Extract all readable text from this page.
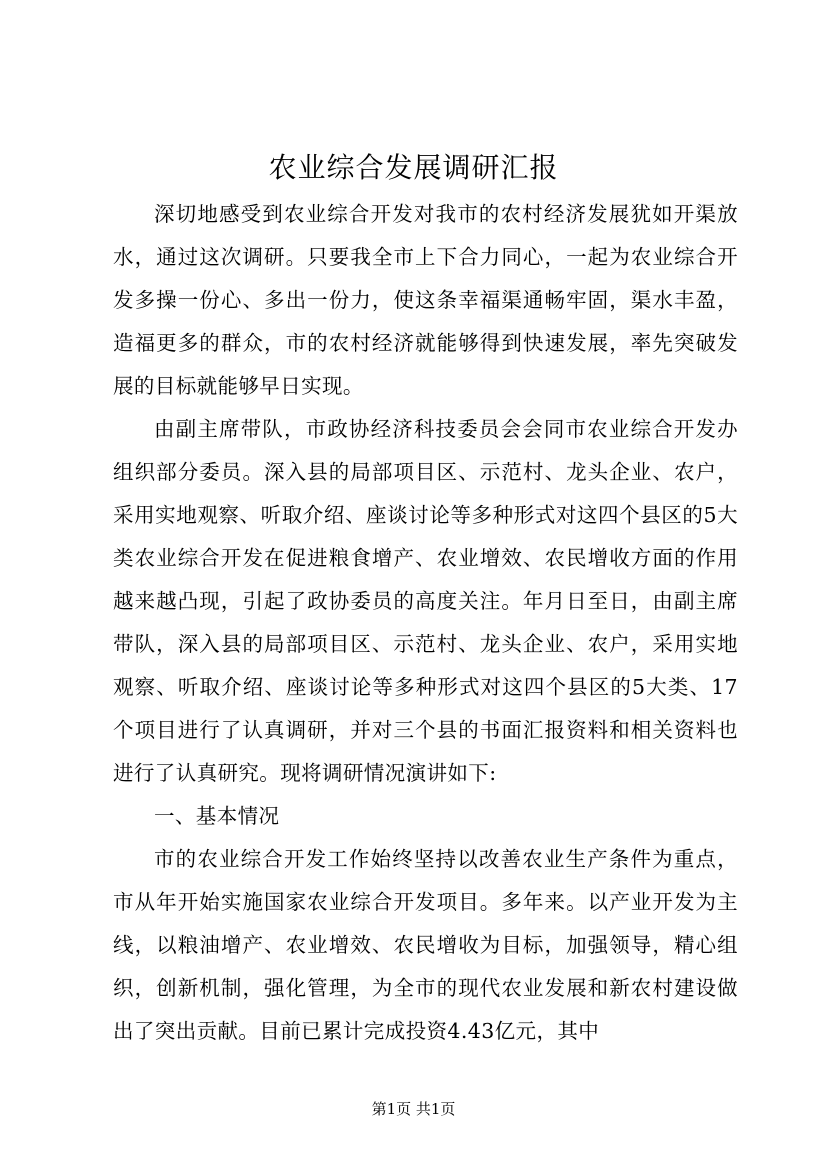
农业综合发展调研汇报

深切地感受到农业综合开发对我市的农村经济发展犹如开渠放水，通过这次调研。只要我全市上下合力同心，一起为农业综合开发多操一份心、多出一份力，使这条幸福渠通畅牢固，渠水丰盈，造福更多的群众，市的农村经济就能够得到快速发展，率先突破发展的目标就能够早日实现。

由副主席带队，市政协经济科技委员会会同市农业综合开发办组织部分委员。深入县的局部项目区、示范村、龙头企业、农户，采用实地观察、听取介绍、座谈讨论等多种形式对这四个县区的5大类农业综合开发在促进粮食增产、农业增效、农民增收方面的作用越来越凸现，引起了政协委员的高度关注。年月日至日，由副主席带队，深入县的局部项目区、示范村、龙头企业、农户，采用实地观察、听取介绍、座谈讨论等多种形式对这四个县区的5大类、17个项目进行了认真调研，并对三个县的书面汇报资料和相关资料也进行了认真研究。现将调研情况演讲如下:

一、基本情况

市的农业综合开发工作始终坚持以改善农业生产条件为重点，市从年开始实施国家农业综合开发项目。多年来。以产业开发为主线，以粮油增产、农业增效、农民增收为目标，加强领导，精心组织，创新机制，强化管理，为全市的现代农业发展和新农村建设做出了突出贡献。目前已累计完成投资4.43亿元，其中

第1页 共1页
